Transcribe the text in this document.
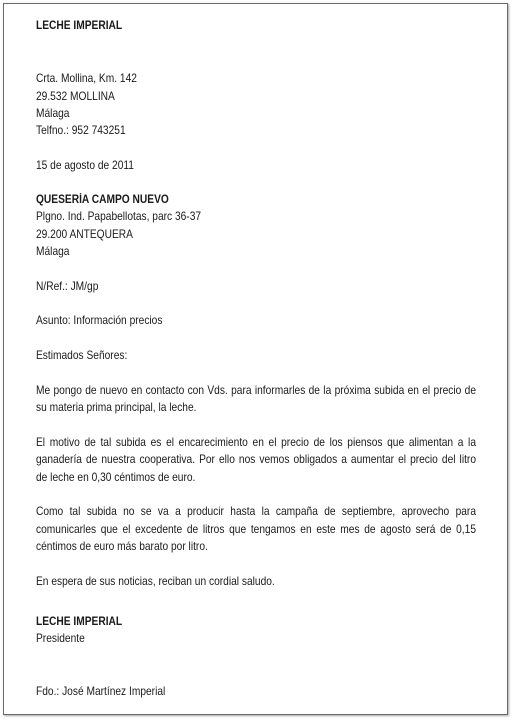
LECHE IMPERIAL

Crta. Mollina, Km. 142

29.532 MOLLINA

Málaga

Telfno.: 952 743251

15 de agosto de 2011

QUESERÍA CAMPO NUEVO

Plgno. Ind. Papabellotas, parc 36-37

29.200 ANTEQUERA

Málaga

N/Ref.: JM/gp

Asunto: Información precios

Estimados Señores:

Me pongo de nuevo en contacto con Vds. para informarles de la próxima subida en el precio de

su materia prima principal, la leche.

El motivo de tal subida es el encarecimiento en el precio de los piensos que alimentan a la

ganadería de nuestra cooperativa. Por ello nos vemos obligados a aumentar el precio del litro

de leche en 0,30 céntimos de euro.

Como tal subida no se va a producir hasta la campaña de septiembre, aprovecho para

comunicarles que el excedente de litros que tengamos en este mes de agosto será de 0,15

céntimos de euro más barato por litro.

En espera de sus noticias, reciban un cordial saludo.

LECHE IMPERIAL

Presidente

Fdo.: José Martínez Imperial
